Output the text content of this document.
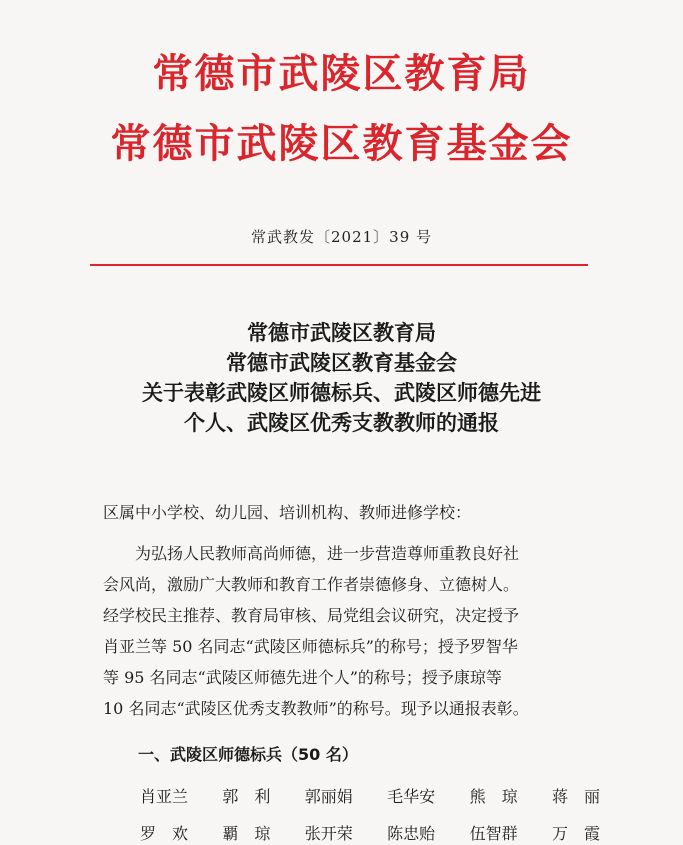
常德市武陵区教育局
常德市武陵区教育基金会
常武教发〔2021〕39 号
常德市武陵区教育局
常德市武陵区教育基金会
关于表彰武陵区师德标兵、武陵区师德先进
个人、武陵区优秀支教教师的通报
区属中小学校、幼儿园、培训机构、教师进修学校：
　　为弘扬人民教师高尚师德，进一步营造尊师重教良好社
会风尚，激励广大教师和教育工作者崇德修身、立德树人。
经学校民主推荐、教育局审核、局党组会议研究，决定授予
肖亚兰等 50 名同志“武陵区师德标兵”的称号；授予罗智华
等 95 名同志“武陵区师德先进个人”的称号；授予康琼等
10 名同志“武陵区优秀支教教师”的称号。现予以通报表彰。
一、武陵区师德标兵（50 名）
肖亚兰 郭　利 郭丽娟 毛华安 熊　琼 蒋　丽
罗　欢 覇　琼 张开荣 陈忠贻 伍智群 万　霞
